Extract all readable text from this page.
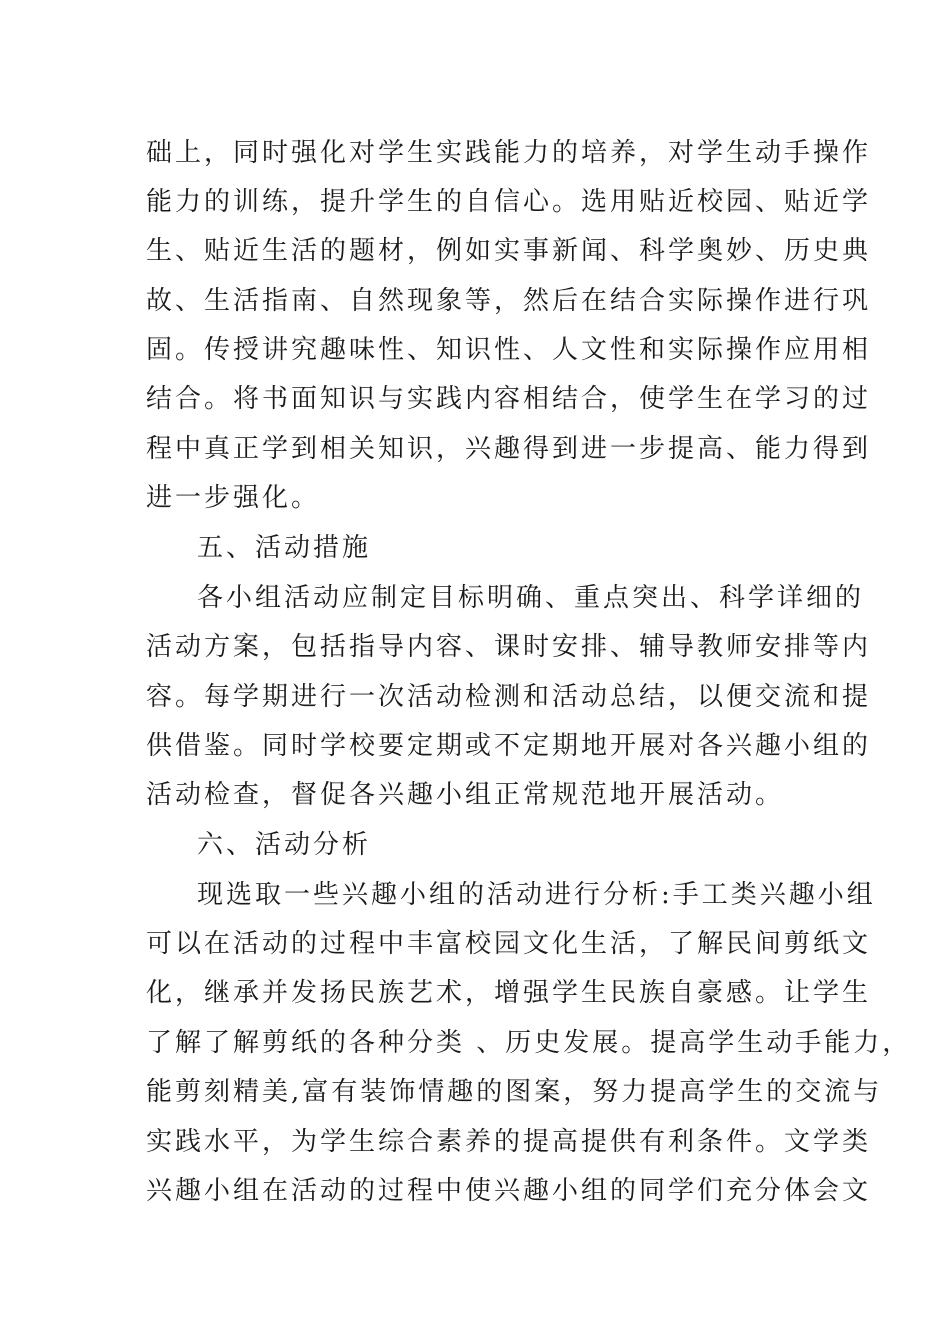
础上，同时强化对学生实践能力的培养，对学生动手操作
能力的训练，提升学生的自信心。选用贴近校园、贴近学
生、贴近生活的题材，例如实事新闻、科学奥妙、历史典
故、生活指南、自然现象等，然后在结合实际操作进行巩
固。传授讲究趣味性、知识性、人文性和实际操作应用相
结合。将书面知识与实践内容相结合，使学生在学习的过
程中真正学到相关知识，兴趣得到进一步提高、能力得到
进一步强化。
五、活动措施
各小组活动应制定目标明确、重点突出、科学详细的
活动方案，包括指导内容、课时安排、辅导教师安排等内
容。每学期进行一次活动检测和活动总结，以便交流和提
供借鉴。同时学校要定期或不定期地开展对各兴趣小组的
活动检查，督促各兴趣小组正常规范地开展活动。
六、活动分析
现选取一些兴趣小组的活动进行分析:手工类兴趣小组
可以在活动的过程中丰富校园文化生活，了解民间剪纸文
化，继承并发扬民族艺术，增强学生民族自豪感。让学生
了解了解剪纸的各种分类 、历史发展。提高学生动手能力，
能剪刻精美,富有装饰情趣的图案，努力提高学生的交流与
实践水平，为学生综合素养的提高提供有利条件。文学类
兴趣小组在活动的过程中使兴趣小组的同学们充分体会文
